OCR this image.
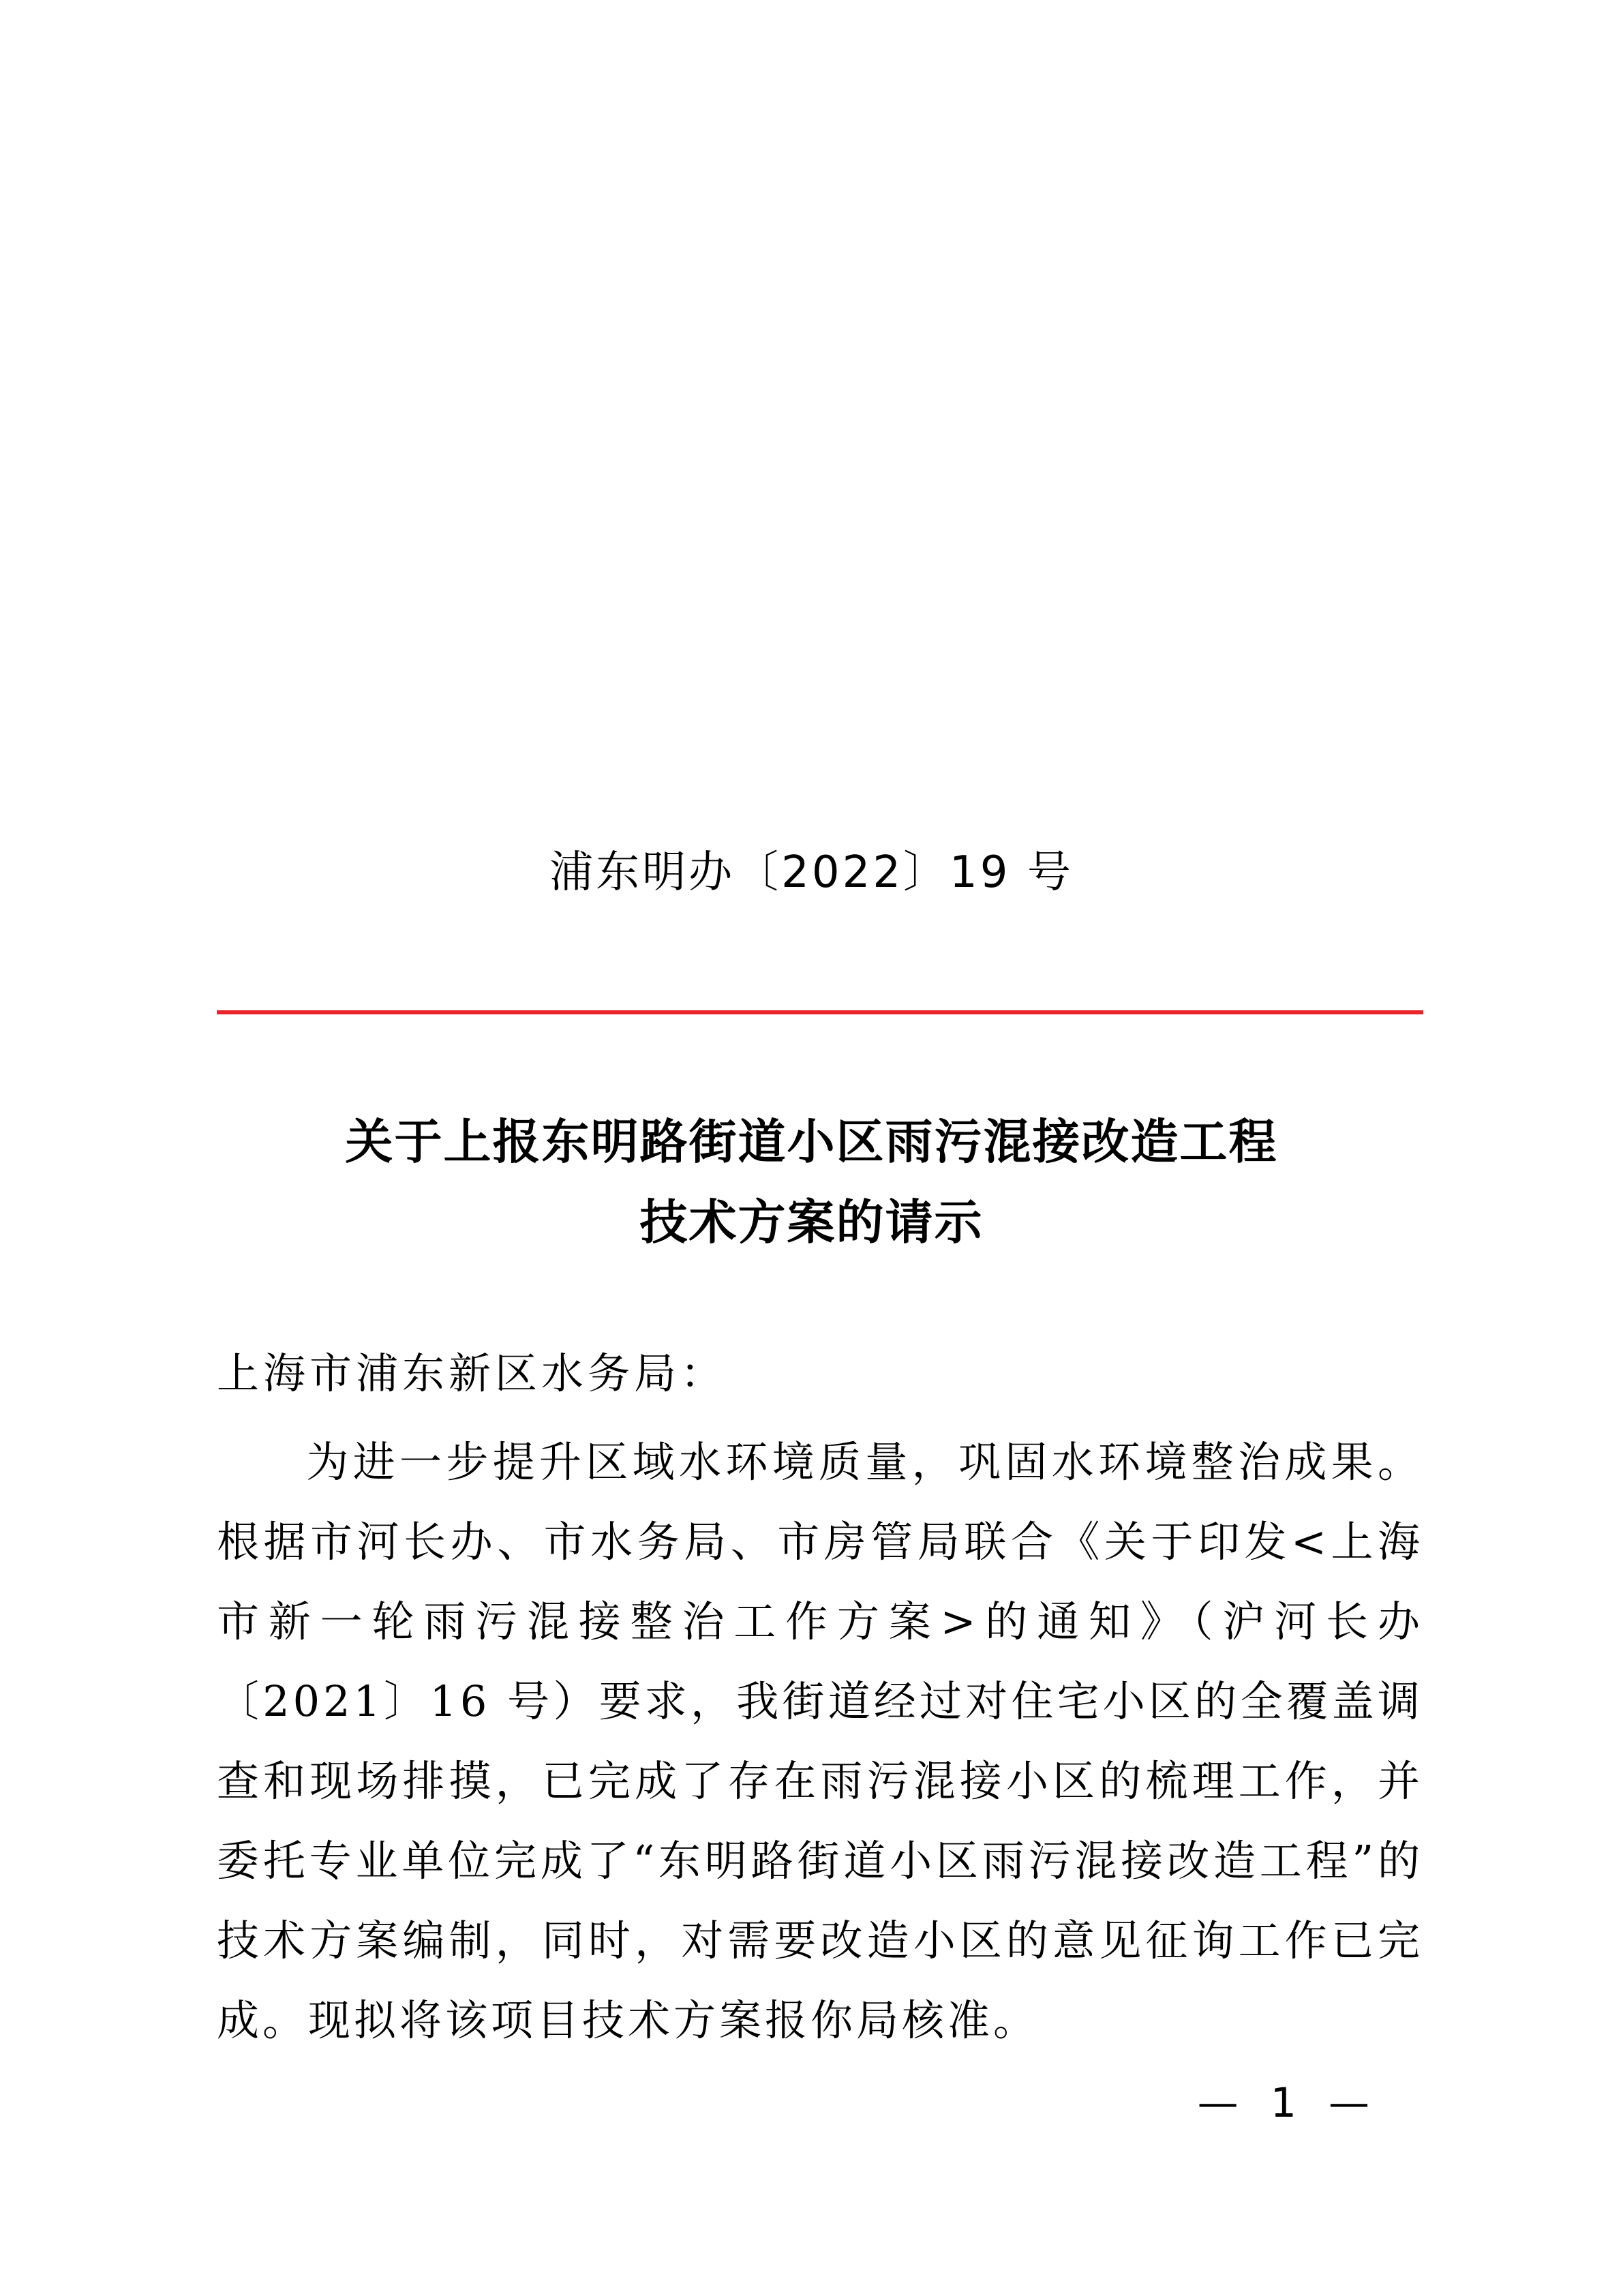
浦东明办〔2022〕19 号
关于上报东明路街道小区雨污混接改造工程
技术方案的请示
上海市浦东新区水务局：
为进一步提升区域水环境质量，巩固水环境整治成果。根据市河长办、市水务局、市房管局联合《关于印发<上海市新一轮雨污混接整治工作方案>的通知》（沪河长办〔2021〕16 号）要求，我街道经过对住宅小区的全覆盖调查和现场排摸，已完成了存在雨污混接小区的梳理工作，并委托专业单位完成了“东明路街道小区雨污混接改造工程”的技术方案编制，同时，对需要改造小区的意见征询工作已完成。现拟将该项目技术方案报你局核准。
— 1 —
